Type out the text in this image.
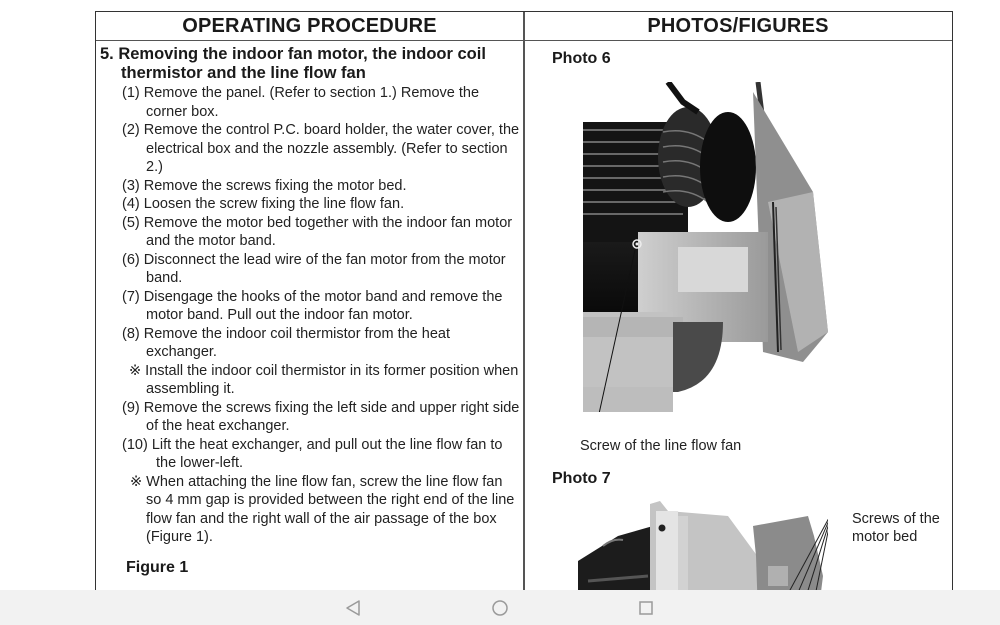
OPERATING PROCEDURE	PHOTOS/FIGURES
5. Removing the indoor fan motor, the indoor coil
thermistor and the line flow fan
(1) Remove the panel. (Refer to section 1.) Remove the corner box.
(2) Remove the control P.C. board holder, the water cover, the electrical box and the nozzle assembly. (Refer to section 2.)
(3) Remove the screws fixing the motor bed.
(4) Loosen the screw fixing the line flow fan.
(5) Remove the motor bed together with the indoor fan motor and the motor band.
(6) Disconnect the lead wire of the fan motor from the motor band.
(7) Disengage the hooks of the motor band and remove the motor band. Pull out the indoor fan motor.
(8) Remove the indoor coil thermistor from the heat exchanger.
※ Install the indoor coil thermistor in its former position when assembling it.
(9) Remove the screws fixing the left side and upper right side of the heat exchanger.
(10) Lift the heat exchanger, and pull out the line flow fan to the lower-left.
※ When attaching the line flow fan, screw the line flow fan so 4 mm gap is provided between the right end of the line flow fan and the right wall of the air passage of the box (Figure 1).
Figure 1
Photo 6
Screw of the line flow fan
Photo 7
Screws of the
motor bed
